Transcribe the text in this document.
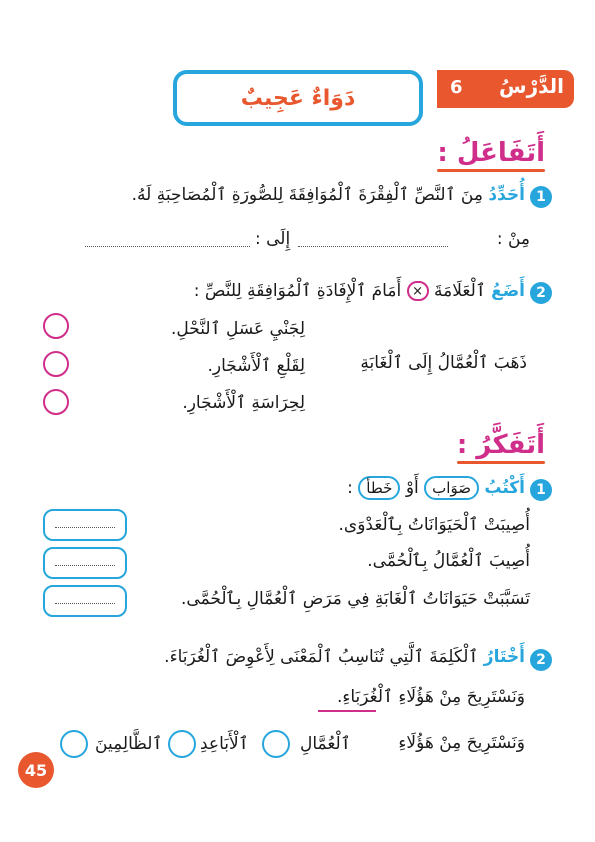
6 الدَّرْسُ
دَوَاءٌ عَجِيبٌ
أَتَفَاعَلُ :
1
أُحَدِّدُ مِنَ ٱلنَّصِّ ٱلْفِقْرَةَ ٱلْمُوَافِقَةَ لِلصُّورَةِ ٱلْمُصَاحِبَةِ لَهُ.
مِنْ :
إِلَى :
2
أَضَعُ ٱلْعَلَامَةَ × أَمَامَ ٱلْإِفَادَةِ ٱلْمُوَافِقَةِ لِلنَّصِّ :
ذَهَبَ ٱلْعُمَّالُ إِلَى ٱلْغَابَةِ
لِجَنْيِ عَسَلِ ٱلنَّحْلِ.
لِقَلْعِ ٱلْأَشْجَارِ.
لِحِرَاسَةِ ٱلْأَشْجَارِ.
أَتَفَكَّرُ :
1
أَكْتُبُ صَوَاب أَوْ خَطأ :
أُصِيبَتْ ٱلْحَيَوَانَاتُ بِٱلْعَدْوَى.
أُصِيبَ ٱلْعُمَّالُ بِٱلْحُمَّى.
تَسَبَّبَتْ حَيَوَانَاتُ ٱلْغَابَةِ فِي مَرَضِ ٱلْعُمَّالِ بِٱلْحُمَّى.
2
أَخْتَارُ ٱلْكَلِمَةَ ٱلَّتِي تُنَاسِبُ ٱلْمَعْنَى لِأَعْوِضَ ٱلْغُرَبَاءَ.
وَنَسْتَرِيحَ مِنْ هَؤُلَاءِ ٱلْغُرَبَاءِ.
وَنَسْتَرِيحَ مِنْ هَؤُلَاءِ
ٱلْعُمَّالِ
ٱلْأَبَاعِدِ
ٱلظَّالِمِينَ
45
